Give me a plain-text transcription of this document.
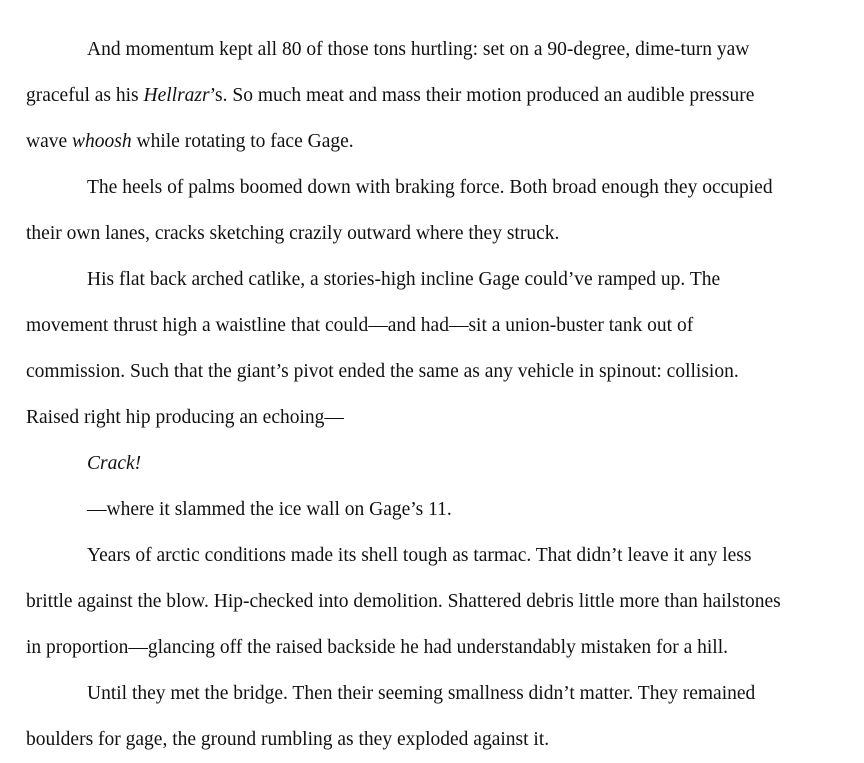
And momentum kept all 80 of those tons hurtling: set on a 90-degree, dime-turn yaw
graceful as his Hellrazr’s. So much meat and mass their motion produced an audible pressure
wave whoosh while rotating to face Gage.

The heels of palms boomed down with braking force. Both broad enough they occupied
their own lanes, cracks sketching crazily outward where they struck.

His flat back arched catlike, a stories-high incline Gage could’ve ramped up. The
movement thrust high a waistline that could—and had—sit a union-buster tank out of
commission. Such that the giant’s pivot ended the same as any vehicle in spinout: collision.
Raised right hip producing an echoing—

Crack!

—where it slammed the ice wall on Gage’s 11.

Years of arctic conditions made its shell tough as tarmac. That didn’t leave it any less
brittle against the blow. Hip-checked into demolition. Shattered debris little more than hailstones
in proportion—glancing off the raised backside he had understandably mistaken for a hill.

Until they met the bridge. Then their seeming smallness didn’t matter. They remained
boulders for gage, the ground rumbling as they exploded against it.
